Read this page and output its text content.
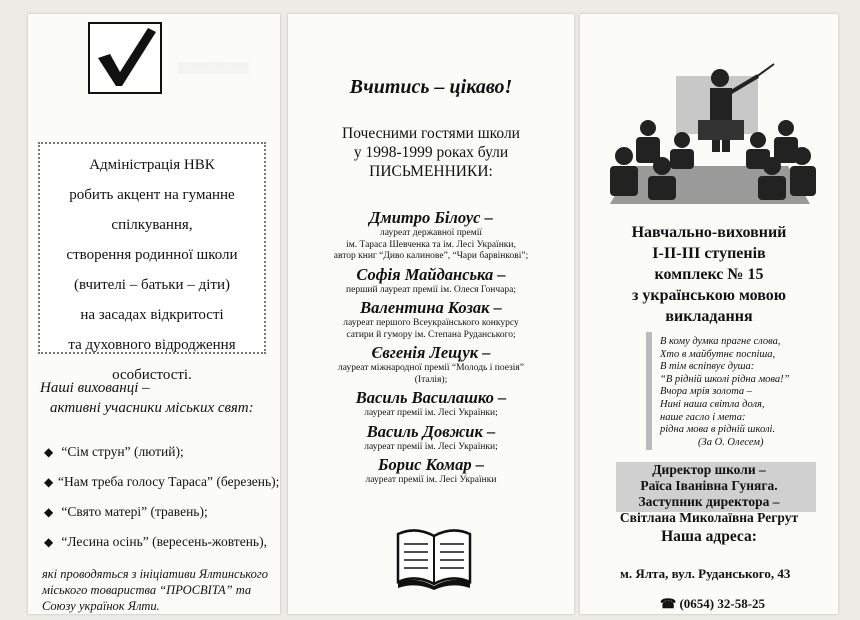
▒▒▒▒▒▒▒▒▒▒
Адміністрація НВК
робить акцент на гуманне
спілкування,
створення родинної школи
(вчителі – батьки – діти)
на засадах відкритості
та духовного відродження
особистості.
Наші вихованці –
активні учасники міських свят:
◆ “Сім струн” (лютий);
◆ “Нам треба голосу Тараса” (березень);
◆ “Свято матері” (травень);
◆ “Лесина осінь” (вересень-жовтень),
які проводяться з ініціативи Ялтинського міського товариства “ПРОСВІТА” та Союзу українок Ялти.
Вчитись – цікаво!
Почесними гостями школи
у 1998-1999 роках були
ПИСЬМЕННИКИ:
Дмитро Білоус –
лауреат державної премії
ім. Тараса Шевченка та ім. Лесі Українки,
автор книг “Диво калинове”, “Чари барвінкові”;
Софія Майданська –
перший лауреат премії ім. Олеся Гончара;
Валентина Козак –
лауреат першого Всеукраїнського конкурсу
сатири й гумору ім. Степана Руданського;
Євгенія Лещук –
лауреат міжнародної премії “Молодь і поезія”
(Італія);
Василь Василашко –
лауреат премії ім. Лесі Українки;
Василь Довжик –
лауреат премії ім. Лесі Українки;
Борис Комар –
лауреат премії ім. Лесі Українки
Навчально-виховний
І-ІІ-ІІІ ступенів
комплекс № 15
з українською мовою
викладання
В кому думка прагне слова,
Хто в майбутнє поспіша,
В тім вспіпвує душа:
“В рідній школі рідна мова!”
Вчора мрія золота –
Нині наша світла доля,
наше гасло і мета:
рідна мова в рідній школі.
(За О. Олесем)
Директор школи –
Раїса Іванівна Гуняга.
Заступник директора –
Світлана Миколаївна Регрут
Наша адреса:
м. Ялта, вул. Руданського, 43
☎ (0654) 32-58-25
